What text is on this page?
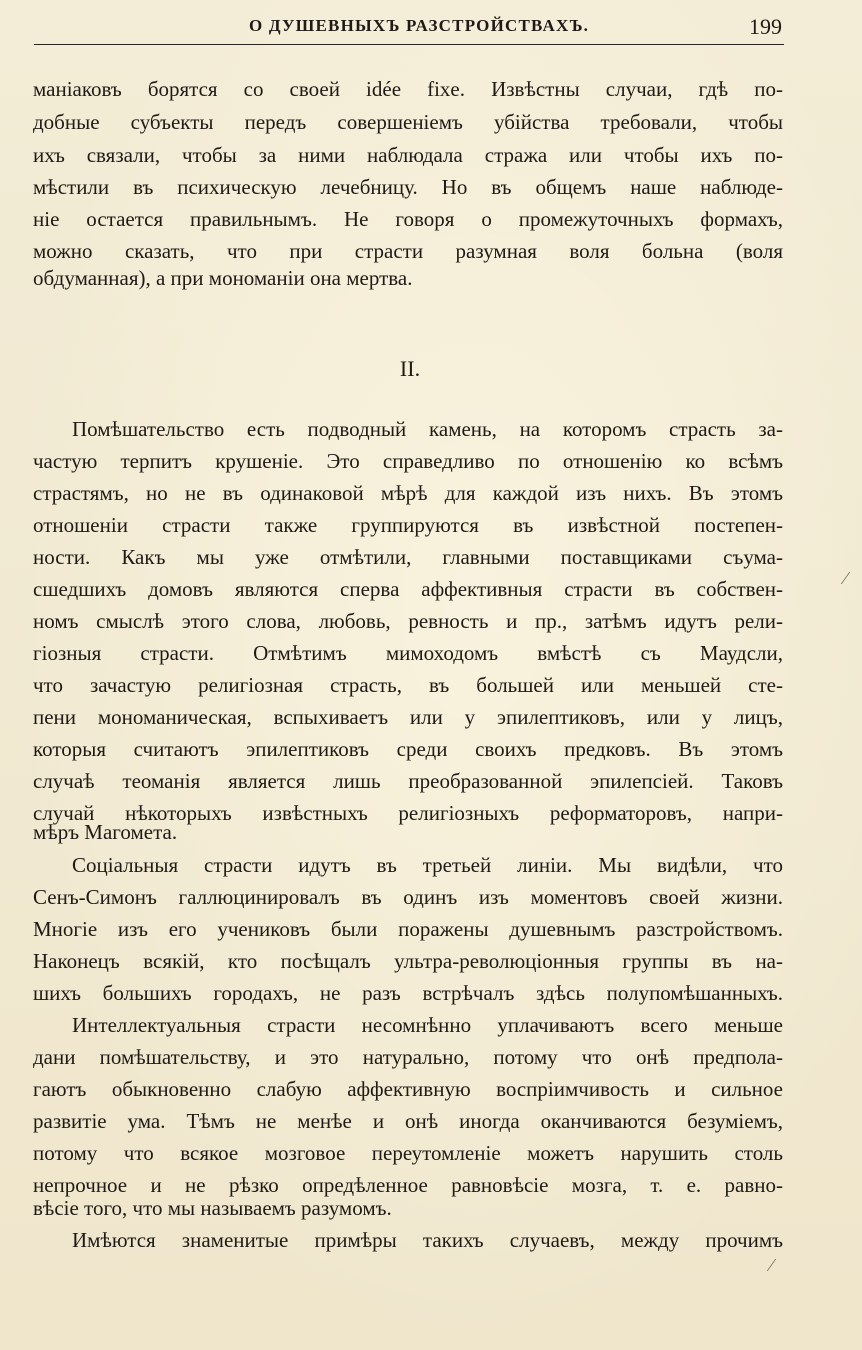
О ДУШЕВНЫХЪ РАЗСТРОЙСТВАХЪ.	199
маніаковъ борятся со своей idée fixe. Извѣстны случаи, гдѣ по-
добные субъекты передъ совершеніемъ убійства требовали, чтобы
ихъ связали, чтобы за ними наблюдала стража или чтобы ихъ по-
мѣстили въ психическую лечебницу. Но въ общемъ наше наблюде-
ніе остается правильнымъ. Не говоря о промежуточныхъ формахъ,
можно сказать, что при страсти разумная воля больна (воля
обдуманная), а при мономаніи она мертва.
II.
Помѣшательство есть подводный камень, на которомъ страсть за-
частую терпитъ крушеніе. Это справедливо по отношенію ко всѣмъ
страстямъ, но не въ одинаковой мѣрѣ для каждой изъ нихъ. Въ этомъ
отношеніи страсти также группируются въ извѣстной постепен-
ности. Какъ мы уже отмѣтили, главными поставщиками съума-
сшедшихъ домовъ являются сперва аффективныя страсти въ собствен-
номъ смыслѣ этого слова, любовь, ревность и пр., затѣмъ идутъ рели-
гіозныя страсти. Отмѣтимъ мимоходомъ вмѣстѣ съ Маудсли,
что зачастую религіозная страсть, въ большей или меньшей сте-
пени мономаническая, вспыхиваетъ или у эпилептиковъ, или у лицъ,
которыя считаютъ эпилептиковъ среди своихъ предковъ. Въ этомъ
случаѣ теоманія является лишь преобразованной эпилепсіей. Таковъ
случай нѣкоторыхъ извѣстныхъ религіозныхъ реформаторовъ, напри-
мѣръ Магомета.
Соціальныя страсти идутъ въ третьей линіи. Мы видѣли, что
Сенъ-Симонъ галлюцинировалъ въ одинъ изъ моментовъ своей жизни.
Многіе изъ его учениковъ были поражены душевнымъ разстройствомъ.
Наконецъ всякій, кто посѣщалъ ультра-революціонныя группы въ на-
шихъ большихъ городахъ, не разъ встрѣчалъ здѣсь полупомѣшанныхъ.
Интеллектуальныя страсти несомнѣнно уплачиваютъ всего меньше
дани помѣшательству, и это натурально, потому что онѣ предпола-
гаютъ обыкновенно слабую аффективную воспріимчивость и сильное
развитіе ума. Тѣмъ не менѣе и онѣ иногда оканчиваются безуміемъ,
потому что всякое мозговое переутомленіе можетъ нарушить столь
непрочное и не рѣзко опредѣленное равновѣсіе мозга, т. е. равно-
вѣсіе того, что мы называемъ разумомъ.
Имѣются знаменитые примѣры такихъ случаевъ, между прочимъ
⁄
⁄
